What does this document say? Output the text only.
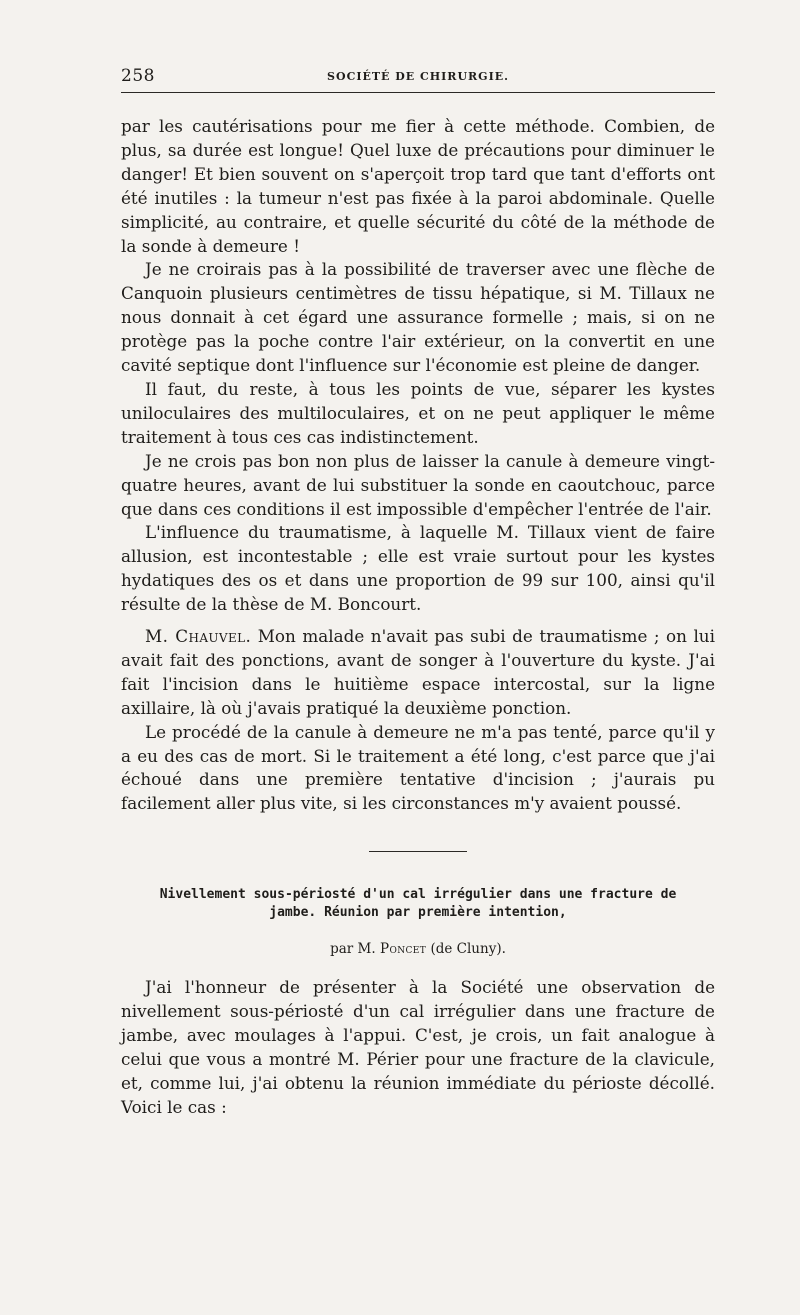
258	SOCIÉTÉ DE CHIRURGIE.

par les cautérisations pour me fier à cette méthode. Combien, de plus, sa durée est longue! Quel luxe de précautions pour diminuer le danger! Et bien souvent on s'aperçoit trop tard que tant d'efforts ont été inutiles : la tumeur n'est pas fixée à la paroi abdominale. Quelle simplicité, au contraire, et quelle sécurité du côté de la méthode de la sonde à demeure !

Je ne croirais pas à la possibilité de traverser avec une flèche de Canquoin plusieurs centimètres de tissu hépatique, si M. Tillaux ne nous donnait à cet égard une assurance formelle ; mais, si on ne protège pas la poche contre l'air extérieur, on la convertit en une cavité septique dont l'influence sur l'économie est pleine de danger.

Il faut, du reste, à tous les points de vue, séparer les kystes uniloculaires des multiloculaires, et on ne peut appliquer le même traitement à tous ces cas indistinctement.

Je ne crois pas bon non plus de laisser la canule à demeure vingt-quatre heures, avant de lui substituer la sonde en caoutchouc, parce que dans ces conditions il est impossible d'empêcher l'entrée de l'air.

L'influence du traumatisme, à laquelle M. Tillaux vient de faire allusion, est incontestable ; elle est vraie surtout pour les kystes hydatiques des os et dans une proportion de 99 sur 100, ainsi qu'il résulte de la thèse de M. Boncourt.

M. Chauvel. Mon malade n'avait pas subi de traumatisme ; on lui avait fait des ponctions, avant de songer à l'ouverture du kyste. J'ai fait l'incision dans le huitième espace intercostal, sur la ligne axillaire, là où j'avais pratiqué la deuxième ponction.

Le procédé de la canule à demeure ne m'a pas tenté, parce qu'il y a eu des cas de mort. Si le traitement a été long, c'est parce que j'ai échoué dans une première tentative d'incision ; j'aurais pu facilement aller plus vite, si les circonstances m'y avaient poussé.

Nivellement sous-périosté d'un cal irrégulier dans une fracture de
jambe. Réunion par première intention,
par M. Poncet (de Cluny).

J'ai l'honneur de présenter à la Société une observation de nivellement sous-périosté d'un cal irrégulier dans une fracture de jambe, avec moulages à l'appui. C'est, je crois, un fait analogue à celui que vous a montré M. Périer pour une fracture de la clavicule, et, comme lui, j'ai obtenu la réunion immédiate du périoste décollé. Voici le cas :
